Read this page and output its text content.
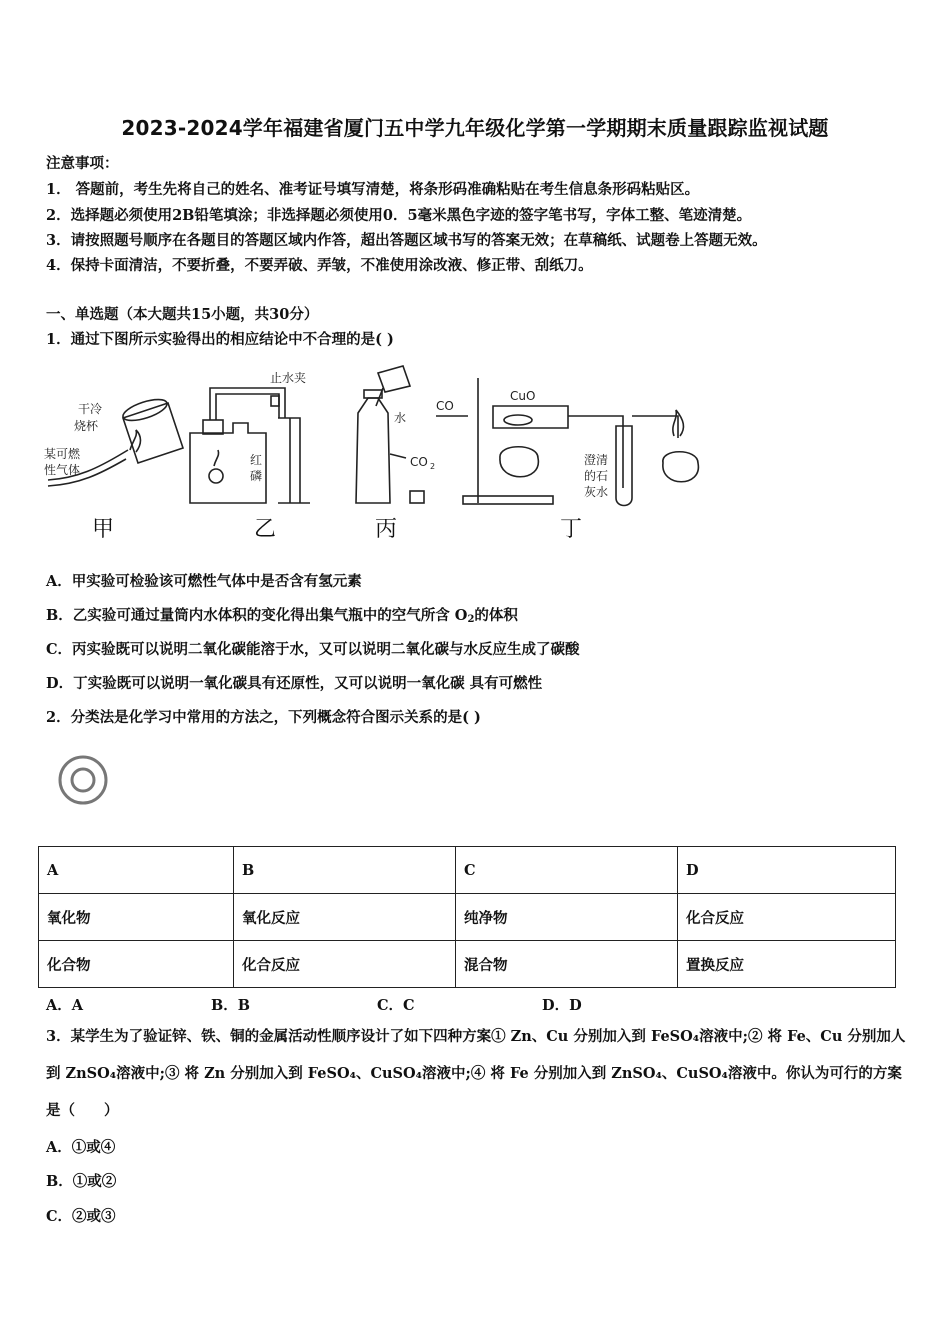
2023-2024学年福建省厦门五中学九年级化学第一学期期末质量跟踪监视试题
注意事项：
1． 答题前，考生先将自己的姓名、准考证号填写清楚，将条形码准确粘贴在考生信息条形码粘贴区。
2．选择题必须使用2B铅笔填涂；非选择题必须使用0．5毫米黑色字迹的签字笔书写，字体工整、笔迹清楚。
3．请按照题号顺序在各题目的答题区域内作答，超出答题区域书写的答案无效；在草稿纸、试题卷上答题无效。
4．保持卡面清洁，不要折叠，不要弄破、弄皱，不准使用涂改液、修正带、刮纸刀。
一、单选题（本大题共15小题，共30分）
1．通过下图所示实验得出的相应结论中不合理的是( )
干冷
烧杯
某可燃
性气体
止水夹
红
磷
水
CO 2
CO
CuO
澄清
的石
灰水
甲	乙	丙	丁
A．甲实验可检验该可燃性气体中是否含有氢元素
B．乙实验可通过量筒内水体积的变化得出集气瓶中的空气所含 $O_2$的体积
C．丙实验既可以说明二氧化碳能溶于水，又可以说明二氧化碳与水反应生成了碳酸
D．丁实验既可以说明一氧化碳具有还原性，又可以说明一氧化碳 具有可燃性
2．分类法是化学习中常用的方法之，下列概念符合图示关系的是( )
A	B	C	D
氧化物	氧化反应	纯净物	化合反应
化合物	化合反应	混合物	置换反应
A．A	B．B	C．C	D．D
3．某学生为了验证锌、铁、铜的金属活动性顺序设计了如下四种方案① Zn、Cu 分别加入到 FeSO₄溶液中;② 将 Fe、Cu 分别加人到 ZnSO₄溶液中;③ 将 Zn 分别加入到 FeSO₄、CuSO₄溶液中;④ 将 Fe 分别加入到 ZnSO₄、CuSO₄溶液中。你认为可行的方案是（　　）
A．①或④
B．①或②
C．②或③
